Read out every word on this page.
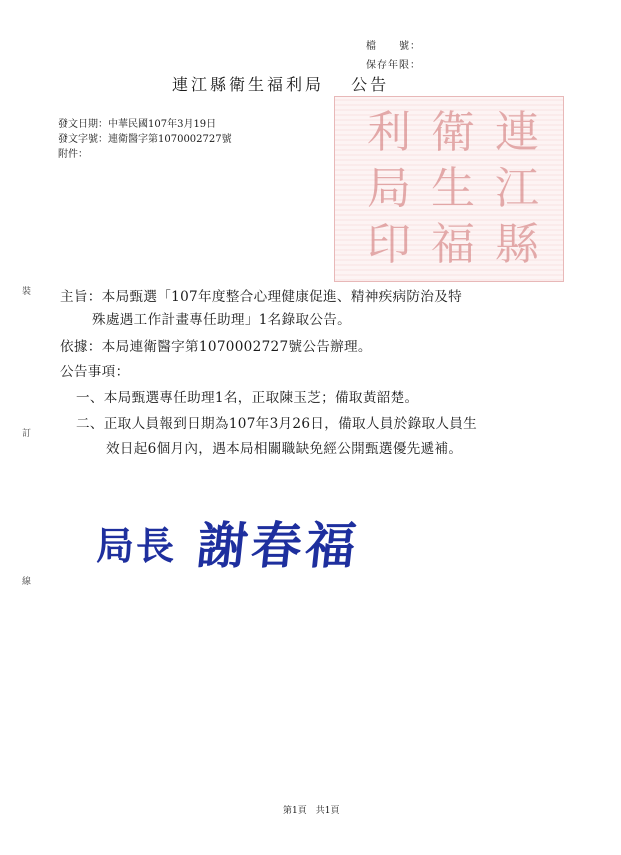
檔　　號：
保存年限：
連江縣衛生福利局　 公告
連
江
縣
衛
生
福
利
局
印
發文日期：中華民國107年3月19日
發文字號：連衛醫字第1070002727號
附件：
裝
訂
線
主旨：本局甄選「107年度整合心理健康促進、精神疾病防治及特
殊處遇工作計畫專任助理」1名錄取公告。
依據：本局連衛醫字第1070002727號公告辦理。
公告事項：
一、本局甄選專任助理1名，正取陳玉芝；備取黃韶楚。
二、正取人員報到日期為107年3月26日，備取人員於錄取人員生
效日起6個月內，遇本局相關職缺免經公開甄選優先遞補。
局長 謝春福
第1頁　共1頁
